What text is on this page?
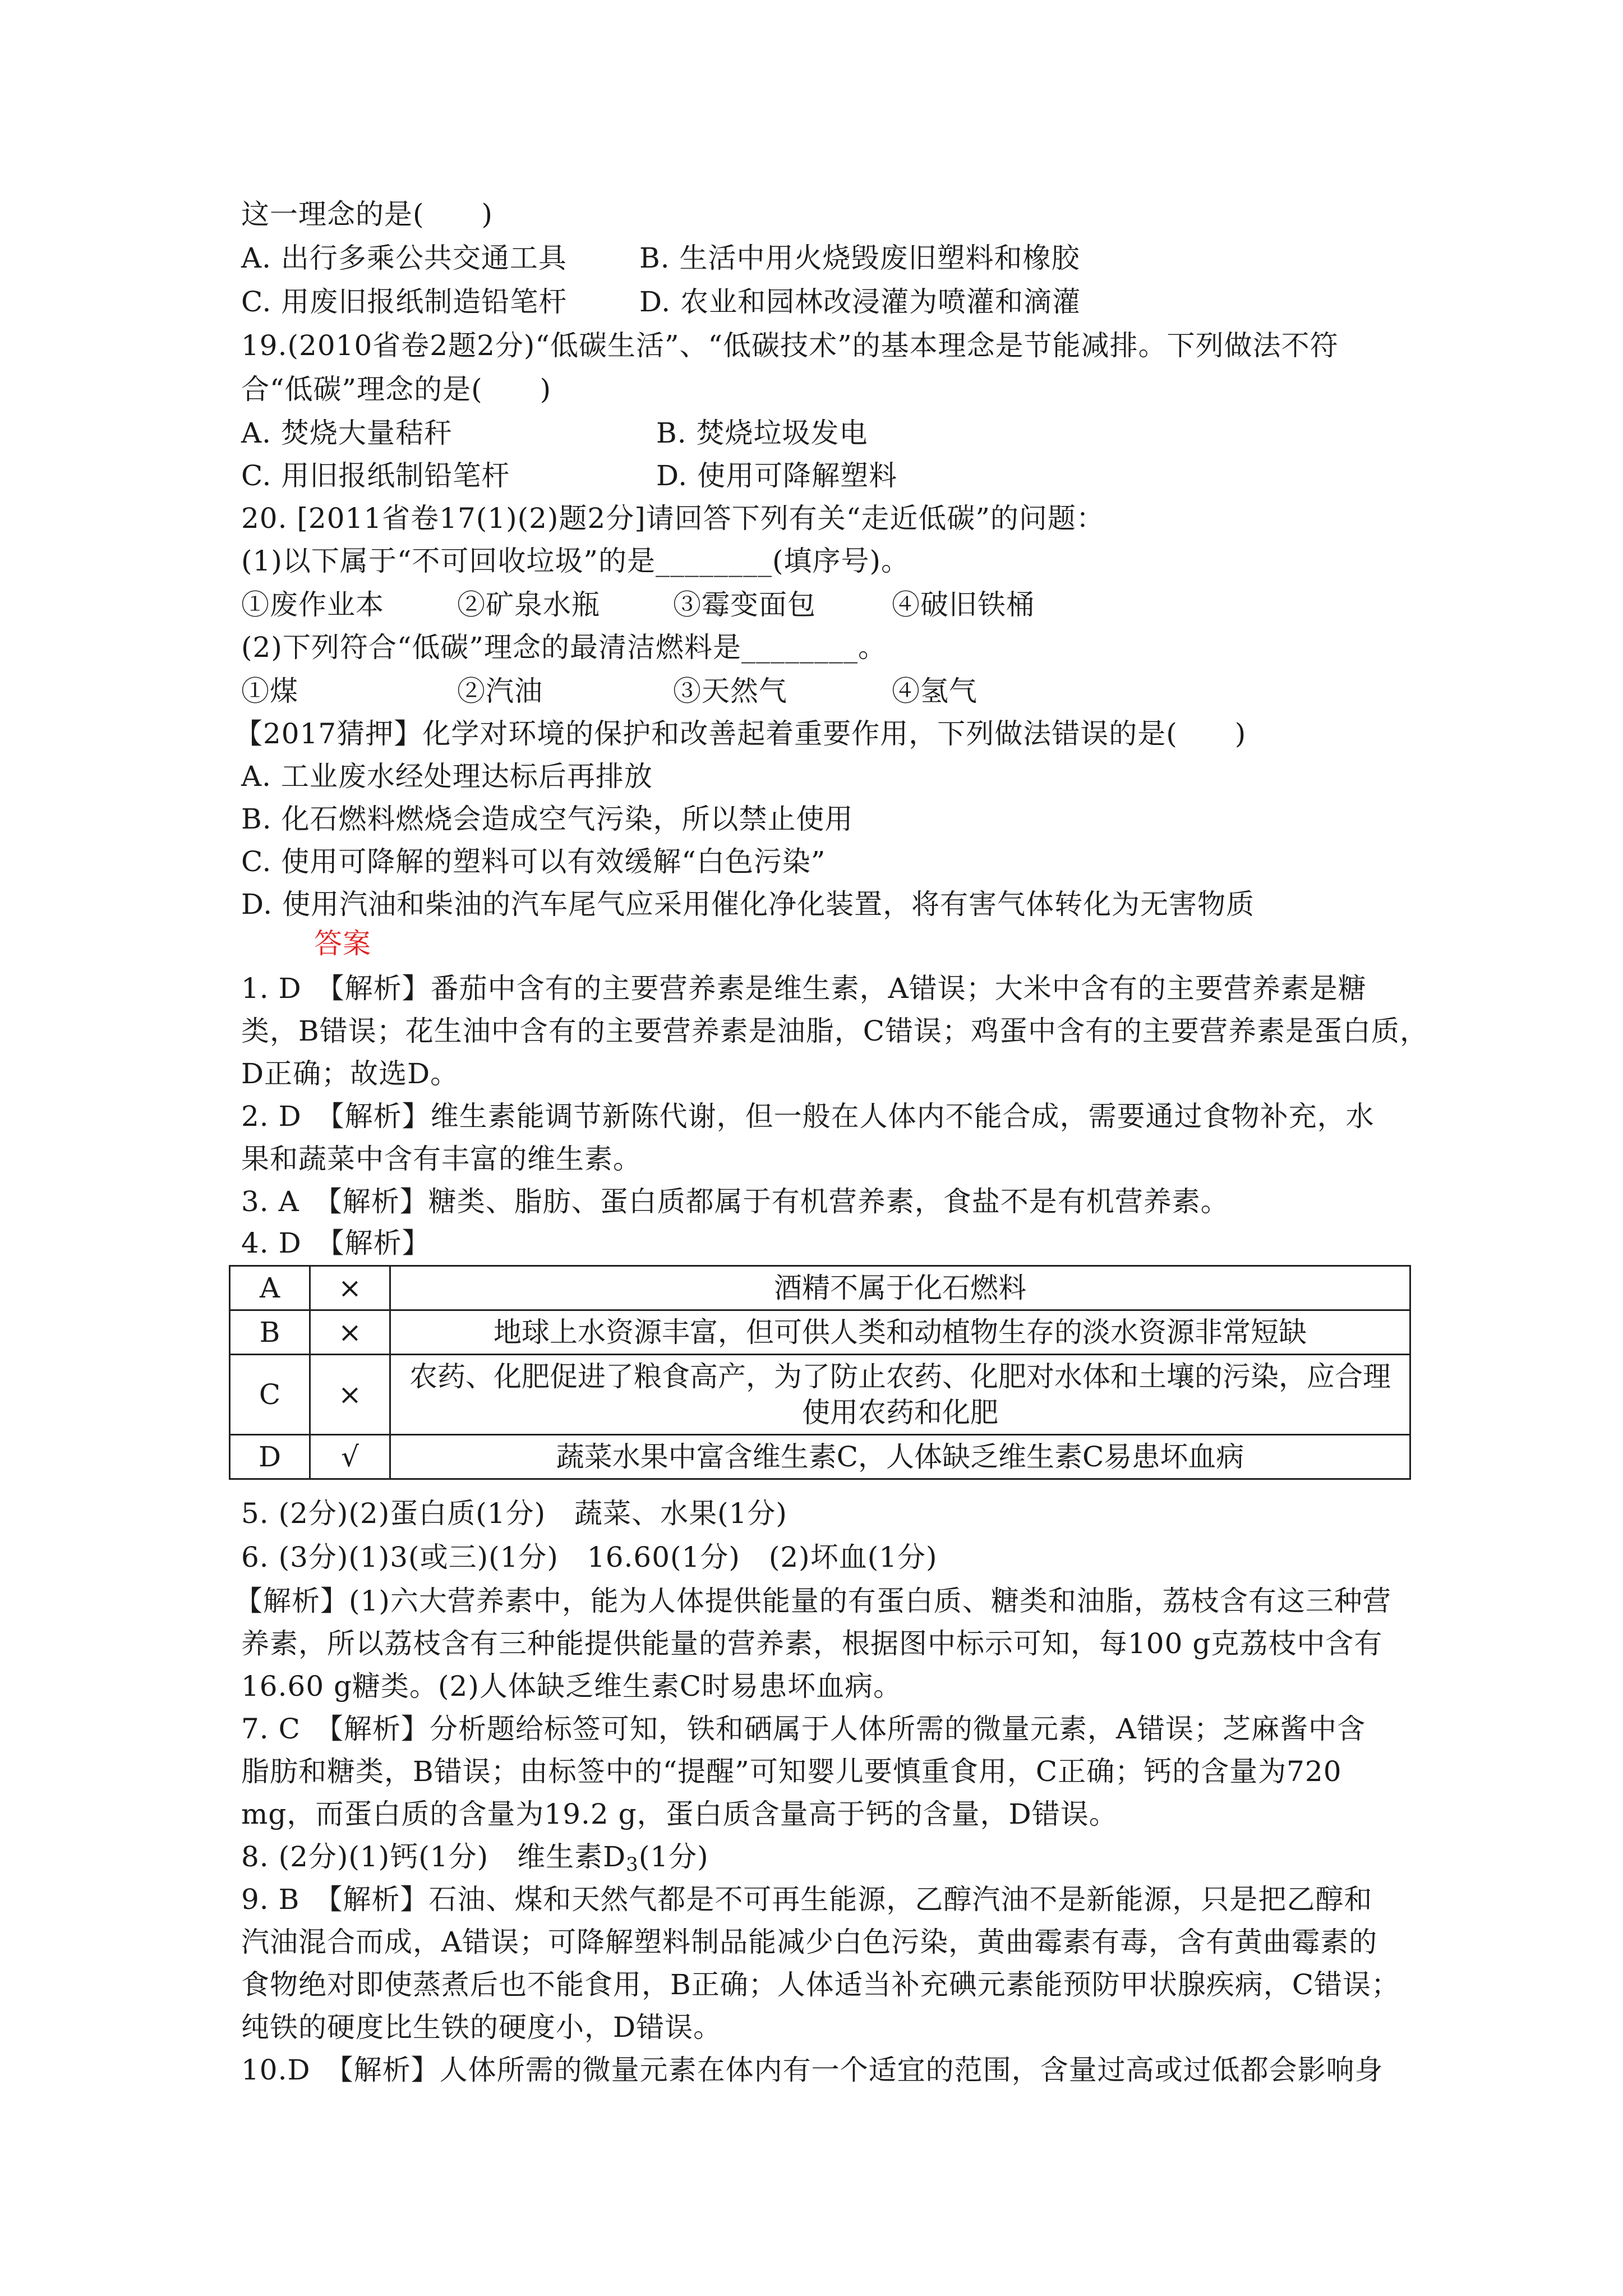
这一理念的是(　　)
A. 出行多乘公共交通工具	B. 生活中用火烧毁废旧塑料和橡胶
C. 用废旧报纸制造铅笔杆	D. 农业和园林改浸灌为喷灌和滴灌
19.(2010省卷2题2分)“低碳生活”、“低碳技术”的基本理念是节能减排。下列做法不符
合“低碳”理念的是(　　)
A. 焚烧大量秸秆	B. 焚烧垃圾发电
C. 用旧报纸制铅笔杆	D. 使用可降解塑料
20. [2011省卷17(1)(2)题2分]请回答下列有关“走近低碳”的问题：
(1)以下属于“不可回收垃圾”的是________(填序号)。
①废作业本	②矿泉水瓶	③霉变面包	④破旧铁桶
(2)下列符合“低碳”理念的最清洁燃料是________。
①煤	②汽油	③天然气	④氢气
【2017猜押】化学对环境的保护和改善起着重要作用，下列做法错误的是(　　)
A. 工业废水经处理达标后再排放
B. 化石燃料燃烧会造成空气污染，所以禁止使用
C. 使用可降解的塑料可以有效缓解“白色污染”
D. 使用汽油和柴油的汽车尾气应采用催化净化装置，将有害气体转化为无害物质
答案
1. D　【解析】番茄中含有的主要营养素是维生素，A错误；大米中含有的主要营养素是糖
类，B错误；花生油中含有的主要营养素是油脂，C错误；鸡蛋中含有的主要营养素是蛋白质，
D正确；故选D。
2. D　【解析】维生素能调节新陈代谢，但一般在人体内不能合成，需要通过食物补充，水
果和蔬菜中含有丰富的维生素。
3. A　【解析】糖类、脂肪、蛋白质都属于有机营养素，食盐不是有机营养素。
4. D　【解析】
A	×	酒精不属于化石燃料
B	×	地球上水资源丰富，但可供人类和动植物生存的淡水资源非常短缺
C	×	农药、化肥促进了粮食高产，为了防止农药、化肥对水体和土壤的污染，应合理
使用农药和化肥

D	√	蔬菜水果中富含维生素C，人体缺乏维生素C易患坏血病
5. (2分)(2)蛋白质(1分)　蔬菜、水果(1分)
6. (3分)(1)3(或三)(1分)　16.60(1分)　(2)坏血(1分)
【解析】(1)六大营养素中，能为人体提供能量的有蛋白质、糖类和油脂，荔枝含有这三种营
养素，所以荔枝含有三种能提供能量的营养素，根据图中标示可知，每100 g克荔枝中含有
16.60 g糖类。(2)人体缺乏维生素C时易患坏血病。
7. C　【解析】分析题给标签可知，铁和硒属于人体所需的微量元素，A错误；芝麻酱中含
脂肪和糖类，B错误；由标签中的“提醒”可知婴儿要慎重食用，C正确；钙的含量为720
mg，而蛋白质的含量为19.2 g，蛋白质含量高于钙的含量，D错误。
8. (2分)(1)钙(1分)　维生素$D_3(1$分)
9. B　【解析】石油、煤和天然气都是不可再生能源，乙醇汽油不是新能源，只是把乙醇和
汽油混合而成，A错误；可降解塑料制品能减少白色污染，黄曲霉素有毒，含有黄曲霉素的
食物绝对即使蒸煮后也不能食用，B正确；人体适当补充碘元素能预防甲状腺疾病，C错误；
纯铁的硬度比生铁的硬度小，D错误。
10.D　【解析】人体所需的微量元素在体内有一个适宜的范围，含量过高或过低都会影响身
